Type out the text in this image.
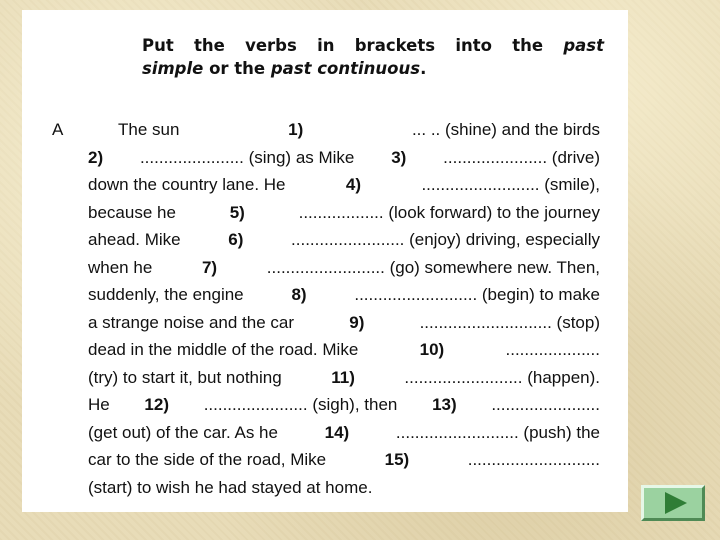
Put the verbs in brackets into the past
simple or the past continuous.
A	The sun	1)	... .. (shine) and the birds
2) ...................... (sing) as Mike 3) ...................... (drive)
down the country lane. He	4)	......................... (smile),
because he	5)	.................. (look forward) to the journey
ahead. Mike	6)	........................ (enjoy) driving, especially
when he	7)	......................... (go) somewhere new. Then,
suddenly, the engine	8)	.......................... (begin) to make
a strange noise and the car	9)	............................ (stop)
dead in the middle of the road. Mike	10)	....................
(try) to start it, but nothing	11)	......................... (happen).
He 12) ...................... (sigh), then 13) .......................
(get out) of the car. As he	14)	.......................... (push) the
car to the side of the road, Mike	15)	............................
(start) to wish he had stayed at home.
